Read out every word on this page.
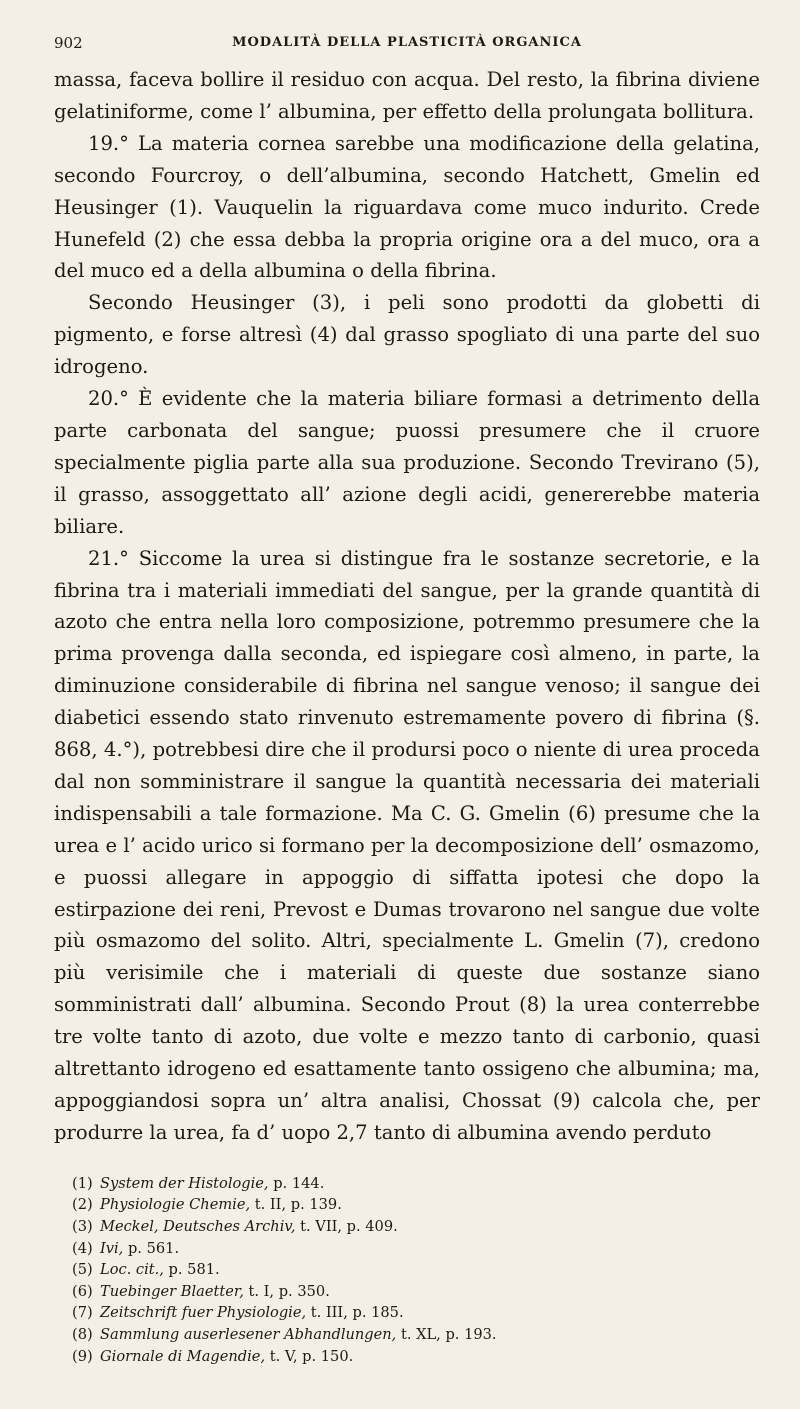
902	MODALITÀ DELLA PLASTICITÀ ORGANICA

massa, faceva bollire il residuo con acqua. Del resto, la fibrina diviene gelatiniforme, come l’ albumina, per effetto della prolungata bollitura.

19.° La materia cornea sarebbe una modificazione della gelatina, secondo Fourcroy, o dell’albumina, secondo Hatchett, Gmelin ed Heusinger (1). Vauquelin la riguardava come muco indurito. Crede Hunefeld (2) che essa debba la propria origine ora a del muco, ora a del muco ed a della albumina o della fibrina.

Secondo Heusinger (3), i peli sono prodotti da globetti di pigmento, e forse altresì (4) dal grasso spogliato di una parte del suo idrogeno.

20.° È evidente che la materia biliare formasi a detrimento della parte carbonata del sangue; puossi presumere che il cruore specialmente piglia parte alla sua produzione. Secondo Treviranο (5), il grasso, assoggettato all’ azione degli acidi, genererebbe materia biliare.

21.° Siccome la urea si distingue fra le sostanze secretorie, e la fibrina tra i materiali immediati del sangue, per la grande quantità di azoto che entra nella loro composizione, potremmo presumere che la prima provenga dalla seconda, ed ispiegare così almeno, in parte, la diminuzione considerabile di fibrina nel sangue venoso; il sangue dei diabetici essendo stato rinvenuto estremamente povero di fibrina (§. 868, 4.°), potrebbesi dire che il prodursi poco o niente di urea proceda dal non somministrare il sangue la quantità necessaria dei materiali indispensabili a tale formazione. Ma C. G. Gmelin (6) presume che la urea e l’ acido urico si formano per la decomposizione dell’ osmazomo, e puossi allegare in appoggio di siffatta ipotesi che dopo la estirpazione dei reni, Prevost e Dumas trovarono nel sangue due volte più osmazomo del solito. Altri, specialmente L. Gmelin (7), credono più verisimile che i materiali di queste due sostanze siano somministrati dall’ albumina. Secondo Prout (8) la urea conterrebbe tre volte tanto di azoto, due volte e mezzo tanto di carbonio, quasi altrettanto idrogeno ed esattamente tanto ossigeno che albumina; ma, appoggiandosi sopra un’ altra analisi, Chossat (9) calcola che, per produrre la urea, fa d’ uopo 2,7 tanto di albumina avendo perduto

(1) System der Histologie, p. 144.
(2) Physiologie Chemie, t. II, p. 139.
(3) Meckel, Deutsches Archiv, t. VII, p. 409.
(4) Ivi, p. 561.
(5) Loc. cit., p. 581.
(6) Tuebinger Blaetter, t. I, p. 350.
(7) Zeitschrift fuer Physiologie, t. III, p. 185.
(8) Sammlung auserlesener Abhandlungen, t. XL, p. 193.
(9) Giornale di Magendie, t. V, p. 150.
